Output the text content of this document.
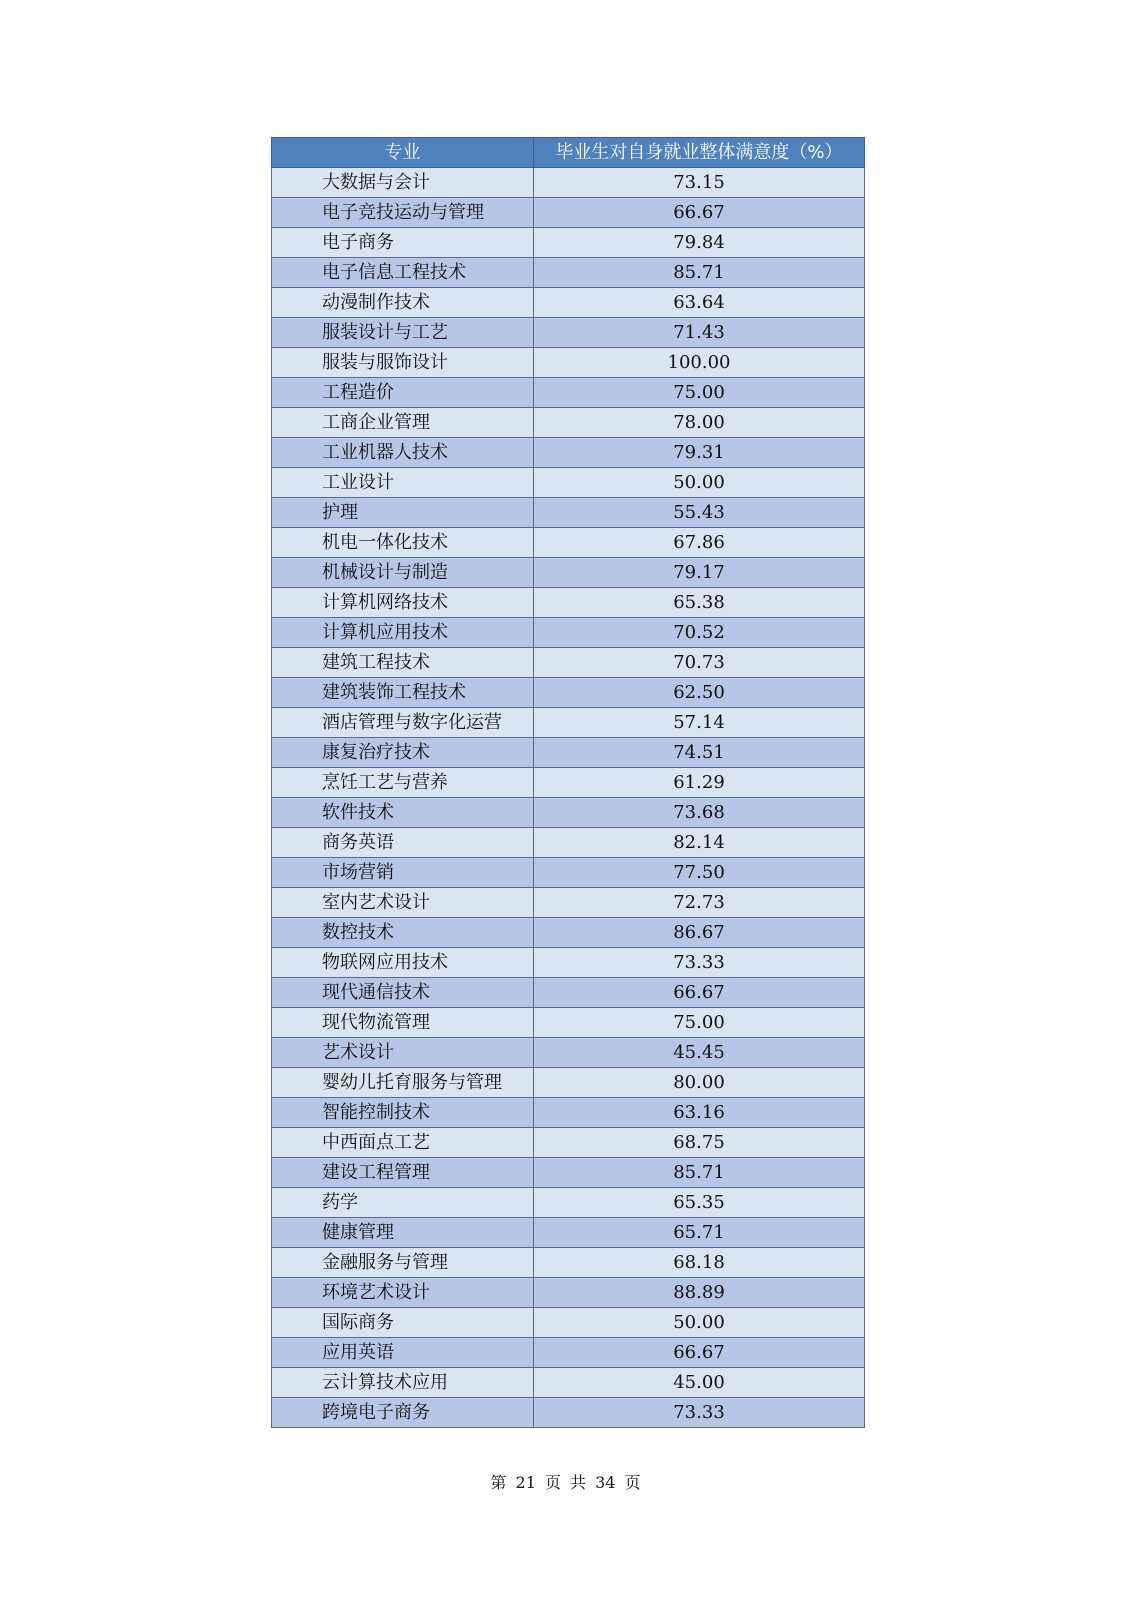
专业	毕业生对自身就业整体满意度（%）
大数据与会计	73.15
电子竞技运动与管理	66.67
电子商务	79.84
电子信息工程技术	85.71
动漫制作技术	63.64
服装设计与工艺	71.43
服装与服饰设计	100.00
工程造价	75.00
工商企业管理	78.00
工业机器人技术	79.31
工业设计	50.00
护理	55.43
机电一体化技术	67.86
机械设计与制造	79.17
计算机网络技术	65.38
计算机应用技术	70.52
建筑工程技术	70.73
建筑装饰工程技术	62.50
酒店管理与数字化运营	57.14
康复治疗技术	74.51
烹饪工艺与营养	61.29
软件技术	73.68
商务英语	82.14
市场营销	77.50
室内艺术设计	72.73
数控技术	86.67
物联网应用技术	73.33
现代通信技术	66.67
现代物流管理	75.00
艺术设计	45.45
婴幼儿托育服务与管理	80.00
智能控制技术	63.16
中西面点工艺	68.75
建设工程管理	85.71
药学	65.35
健康管理	65.71
金融服务与管理	68.18
环境艺术设计	88.89
国际商务	50.00
应用英语	66.67
云计算技术应用	45.00
跨境电子商务	73.33
第 21 页 共 34 页
